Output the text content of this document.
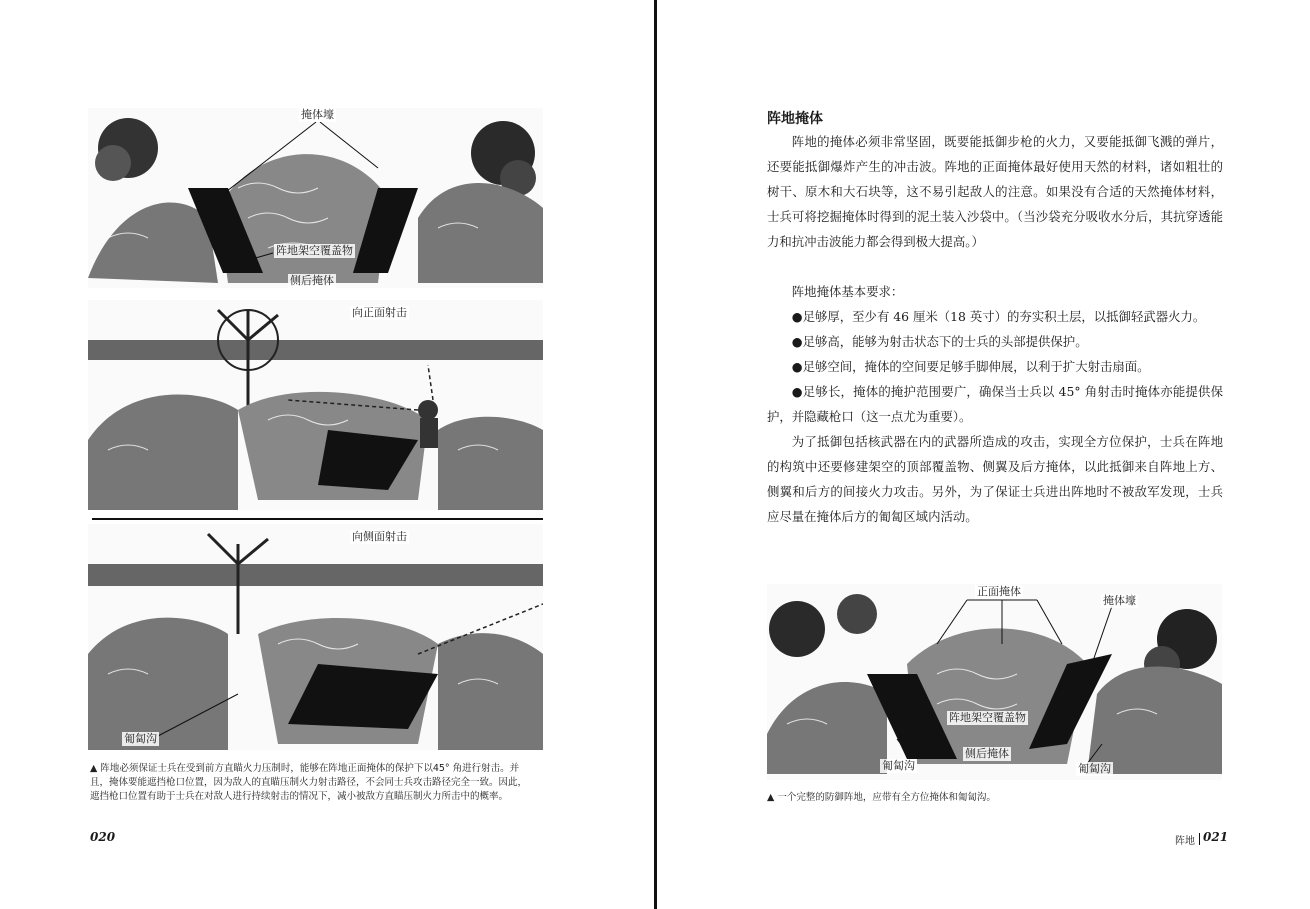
掩体壕
阵地架空覆盖物
侧后掩体
向正面射击
向侧面射击
匍匐沟
▲ 阵地必须保证士兵在受到前方直瞄火力压制时，能够在阵地正面掩体的保护下以45° 角进行射击。并
且，掩体要能遮挡枪口位置，因为敌人的直瞄压制火力射击路径，不会同士兵攻击路径完全一致。因此，
遮挡枪口位置有助于士兵在对敌人进行持续射击的情况下，减小被敌方直瞄压制火力所击中的概率。
020
阵地掩体

阵地的掩体必须非常坚固，既要能抵御步枪的火力，又要能抵御飞溅的弹片，还要能抵御爆炸产生的冲击波。阵地的正面掩体最好使用天然的材料，诸如粗壮的树干、原木和大石块等，这不易引起敌人的注意。如果没有合适的天然掩体材料，士兵可将挖掘掩体时得到的泥土装入沙袋中。（当沙袋充分吸收水分后，其抗穿透能力和抗冲击波能力都会得到极大提高。）

阵地掩体基本要求：

●足够厚，至少有 46 厘米（18 英寸）的夯实积土层，以抵御轻武器火力。

●足够高，能够为射击状态下的士兵的头部提供保护。

●足够空间，掩体的空间要足够手脚伸展，以利于扩大射击扇面。

●足够长，掩体的掩护范围要广，确保当士兵以 45° 角射击时掩体亦能提供保护，并隐藏枪口（这一点尤为重要）。

为了抵御包括核武器在内的武器所造成的攻击，实现全方位保护，士兵在阵地的构筑中还要修建架空的顶部覆盖物、侧翼及后方掩体，以此抵御来自阵地上方、侧翼和后方的间接火力攻击。另外，为了保证士兵进出阵地时不被敌军发现，士兵应尽量在掩体后方的匍匐区域内活动。

正面掩体
掩体壕
阵地架空覆盖物
匍匐沟
侧后掩体
匍匐沟
▲ 一个完整的防御阵地，应带有全方位掩体和匍匐沟。
阵地 021
